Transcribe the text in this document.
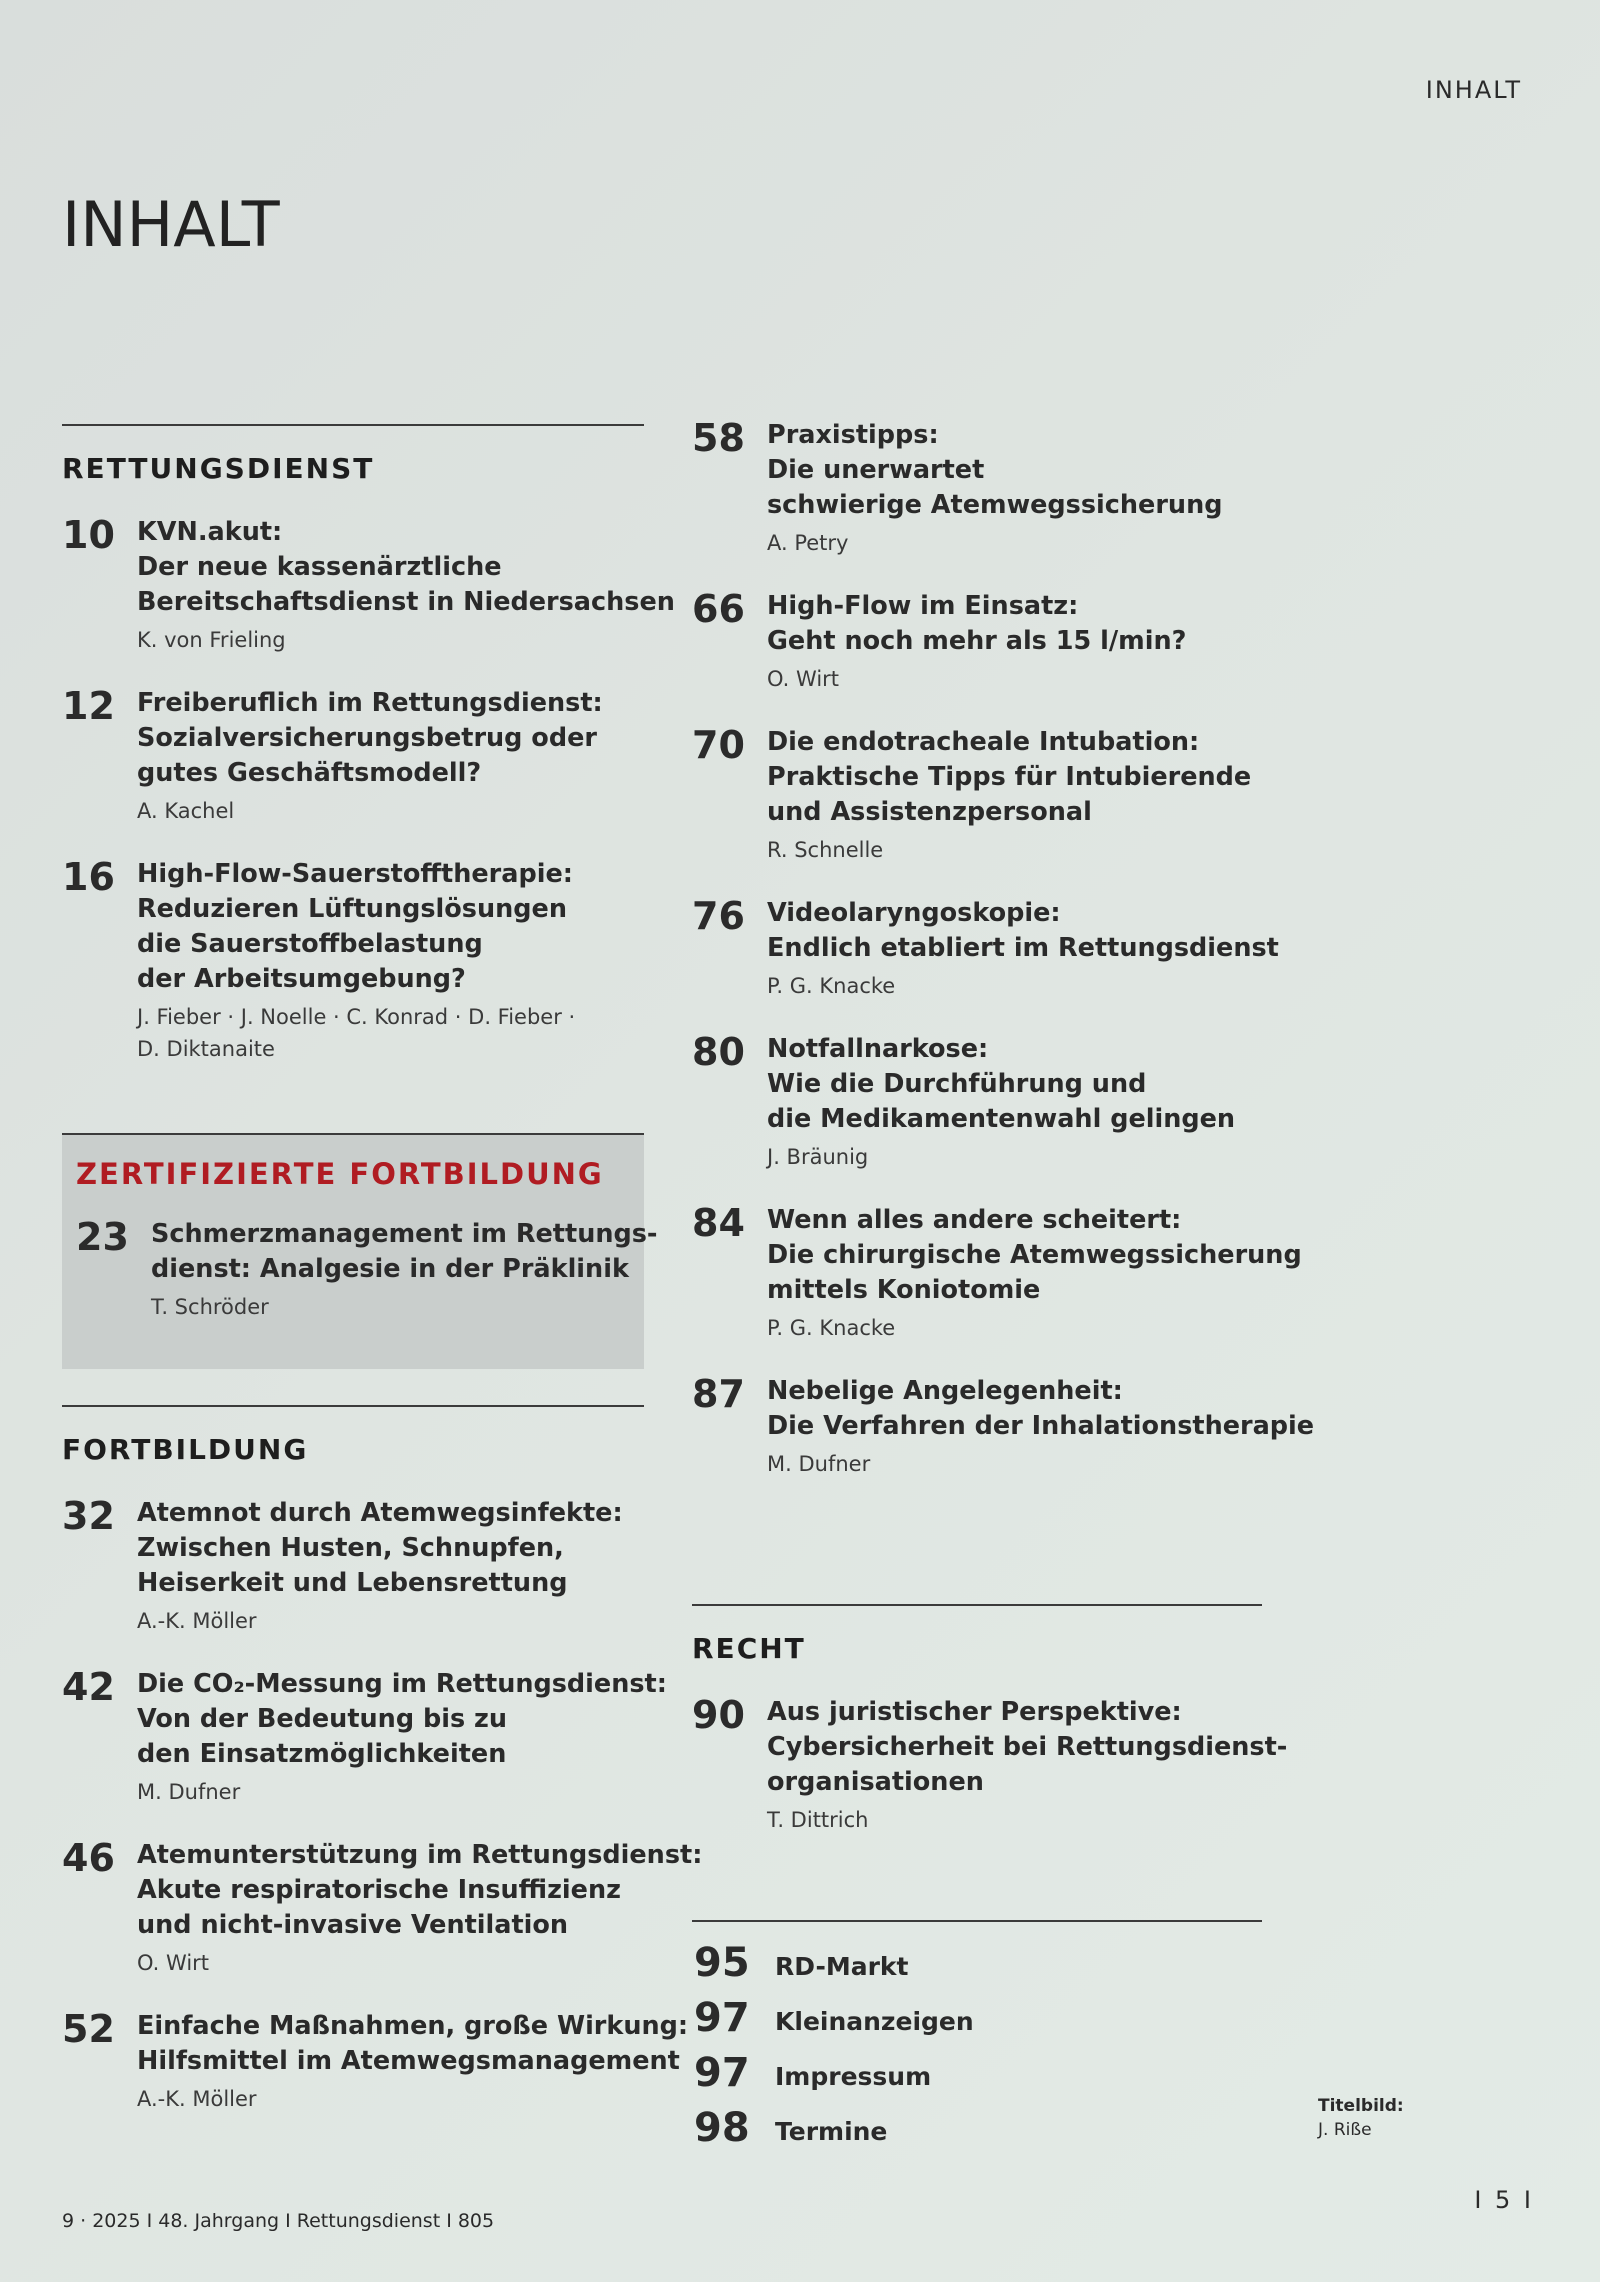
INHALT
INHALT
RETTUNGSDIENST
10 KVN.akut:
Der neue kassenärztliche
Bereitschaftsdienst in Niedersachsen
K. von Frieling
12 Freiberuflich im Rettungsdienst:
Sozialversicherungsbetrug oder
gutes Geschäftsmodell?
A. Kachel
16 High-Flow-Sauerstofftherapie:
Reduzieren Lüftungslösungen
die Sauerstoffbelastung
der Arbeitsumgebung?
J. Fieber · J. Noelle · C. Konrad · D. Fieber ·
D. Diktanaite
ZERTIFIZIERTE FORTBILDUNG
23 Schmerzmanagement im Rettungs-
dienst: Analgesie in der Präklinik
T. Schröder
FORTBILDUNG
32 Atemnot durch Atemwegsinfekte:
Zwischen Husten, Schnupfen,
Heiserkeit und Lebensrettung
A.-K. Möller
42 Die CO₂-Messung im Rettungsdienst:
Von der Bedeutung bis zu
den Einsatzmöglichkeiten
M. Dufner
46 Atemunterstützung im Rettungsdienst:
Akute respiratorische Insuffizienz
und nicht-invasive Ventilation
O. Wirt
52 Einfache Maßnahmen, große Wirkung:
Hilfsmittel im Atemwegsmanagement
A.-K. Möller
58 Praxistipps:
Die unerwartet
schwierige Atemwegssicherung
A. Petry
66 High-Flow im Einsatz:
Geht noch mehr als 15 l/min?
O. Wirt
70 Die endotracheale Intubation:
Praktische Tipps für Intubierende
und Assistenzpersonal
R. Schnelle
76 Videolaryngoskopie:
Endlich etabliert im Rettungsdienst
P. G. Knacke
80 Notfallnarkose:
Wie die Durchführung und
die Medikamentenwahl gelingen
J. Bräunig
84 Wenn alles andere scheitert:
Die chirurgische Atemwegssicherung
mittels Koniotomie
P. G. Knacke
87 Nebelige Angelegenheit:
Die Verfahren der Inhalationstherapie
M. Dufner
RECHT
90 Aus juristischer Perspektive:
Cybersicherheit bei Rettungsdienst-
organisationen
T. Dittrich
95 RD-Markt
97 Kleinanzeigen
97 Impressum
98 Termine
Titelbild:
J. Riße
9 · 2025 I 48. Jahrgang I Rettungsdienst I 805
I 5 I
